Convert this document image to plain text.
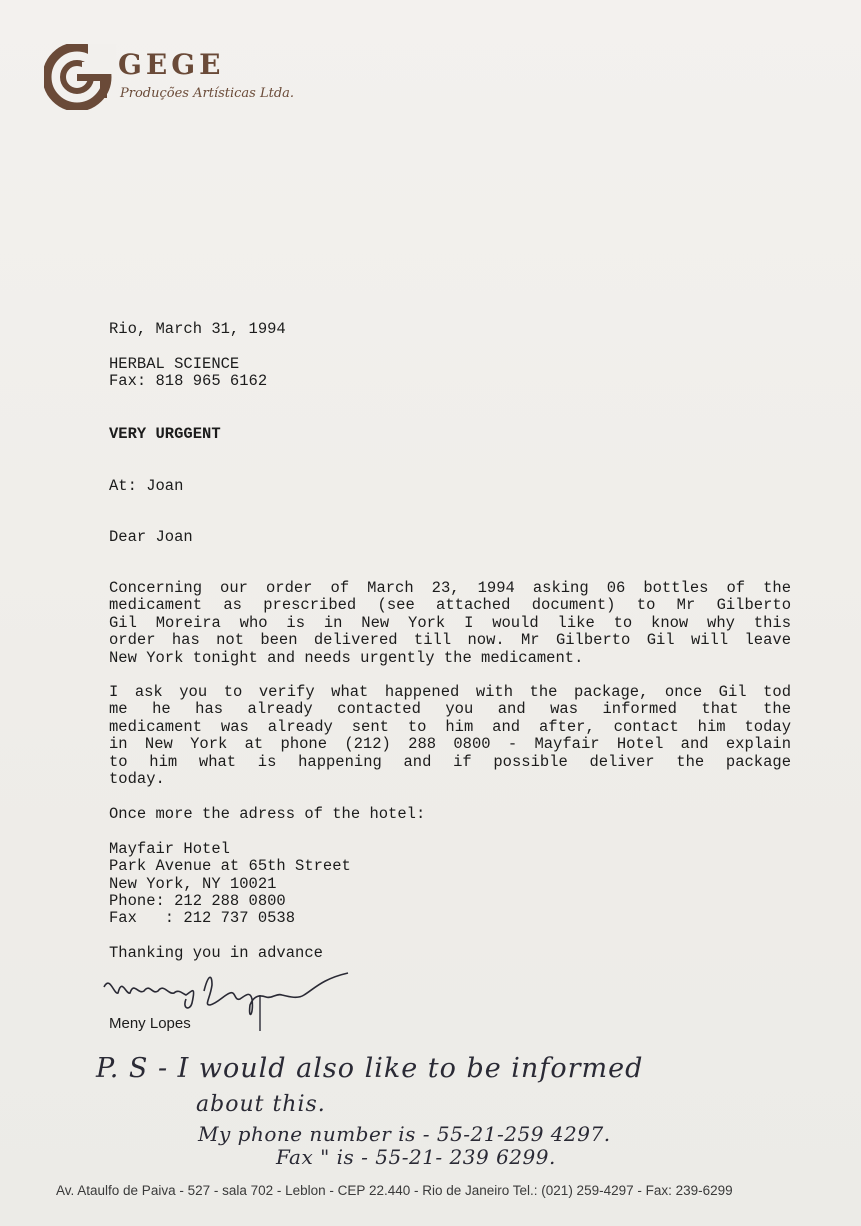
GEGE
Produções Artísticas Ltda.
Rio, March 31, 1994
HERBAL SCIENCE
Fax: 818 965 6162
VERY URGGENT
At: Joan
Dear Joan
Concerning our order of March 23, 1994 asking 06 bottles of the
medicament as prescribed (see attached document) to Mr Gilberto
Gil Moreira who is in New York I would like to know why this
order has not been delivered till now. Mr Gilberto Gil will leave
New York tonight and needs urgently the medicament.
I ask you to verify what happened with the package, once Gil tod
me he has already contacted you and was informed that the
medicament was already sent to him and after, contact him today
in New York at phone (212) 288 0800 - Mayfair Hotel and explain
to him what is happening and if possible deliver the package
today.
Once more the adress of the hotel:
Mayfair Hotel
Park Avenue at 65th Street
New York, NY 10021
Phone: 212 288 0800
Fax   : 212 737 0538
Thanking you in advance
Meny Lopes
P. S - I would also like to be informed
about this.
My phone number is - 55-21-259 4297.
Fax " is - 55-21- 239 6299.
Av. Ataulfo de Paiva - 527 - sala 702 - Leblon - CEP 22.440 - Rio de Janeiro Tel.: (021) 259-4297 - Fax: 239-6299
